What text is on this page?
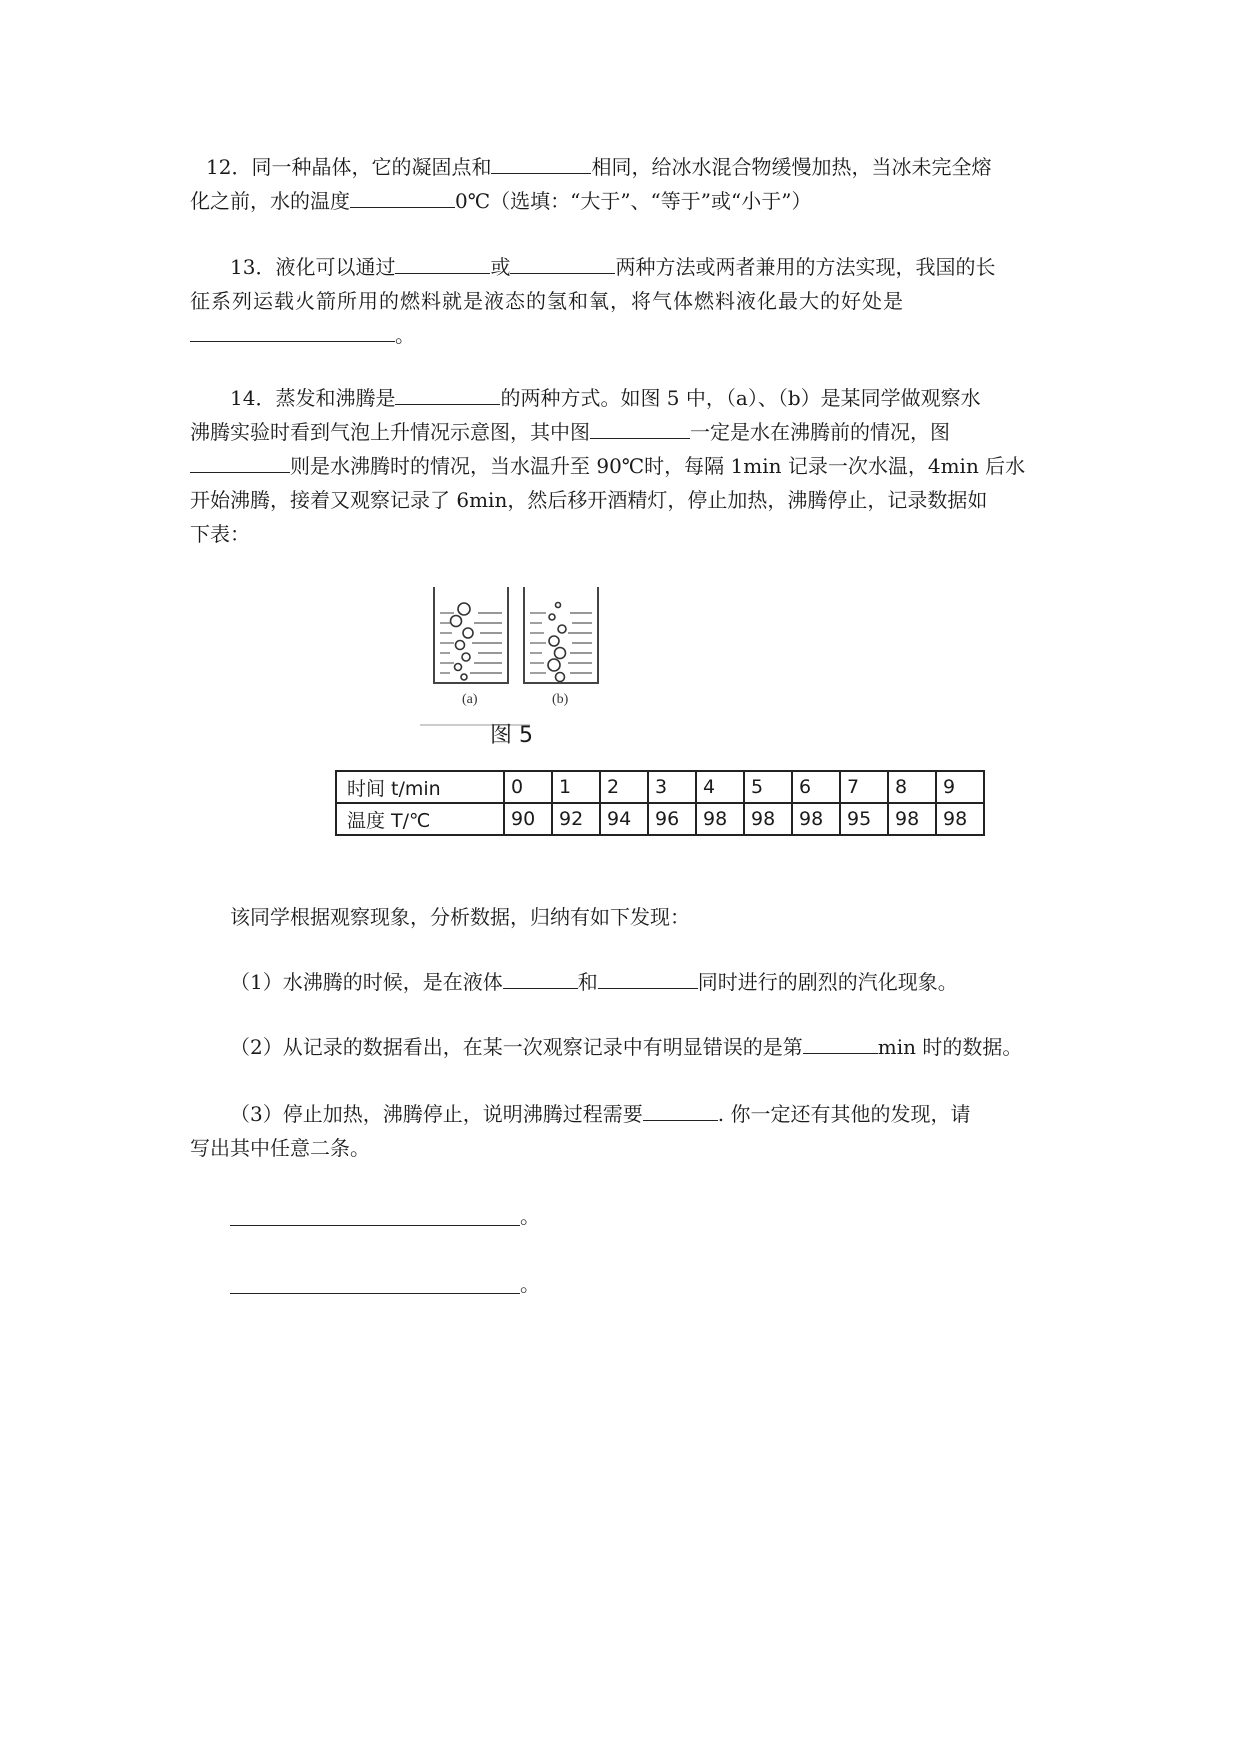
12．同一种晶体，它的凝固点和	相同，给冰水混合物缓慢加热，当冰未完全熔
化之前，水的温度	0℃（选填：“大于”、“等于”或“小于”）

13．液化可以通过	或	两种方法或两者兼用的方法实现，我国的长
征系列运载火箭所用的燃料就是液态的氢和氧，将气体燃料液化最大的好处是
。

14．蒸发和沸腾是	的两种方式。如图 5 中，（a）、（b）是某同学做观察水
沸腾实验时看到气泡上升情况示意图，其中图	一定是水在沸腾前的情况，图
则是水沸腾时的情况，当水温升至 90℃时，每隔 1min 记录一次水温，4min 后水
开始沸腾，接着又观察记录了 6min，然后移开酒精灯，停止加热，沸腾停止，记录数据如
下表：

(a)	(b)
图 5
时间 t/min	0	1	2	3	4	5	6	7	8	9
温度 T/℃	90	92	94	96	98	98	98	95	98	98

该同学根据观察现象，分析数据，归纳有如下发现：

（1）水沸腾的时候，是在液体	和	同时进行的剧烈的汽化现象。

（2）从记录的数据看出，在某一次观察记录中有明显错误的是第	min 时的数据。

（3）停止加热，沸腾停止，说明沸腾过程需要	. 你一定还有其他的发现，请
写出其中任意二条。

。
。
